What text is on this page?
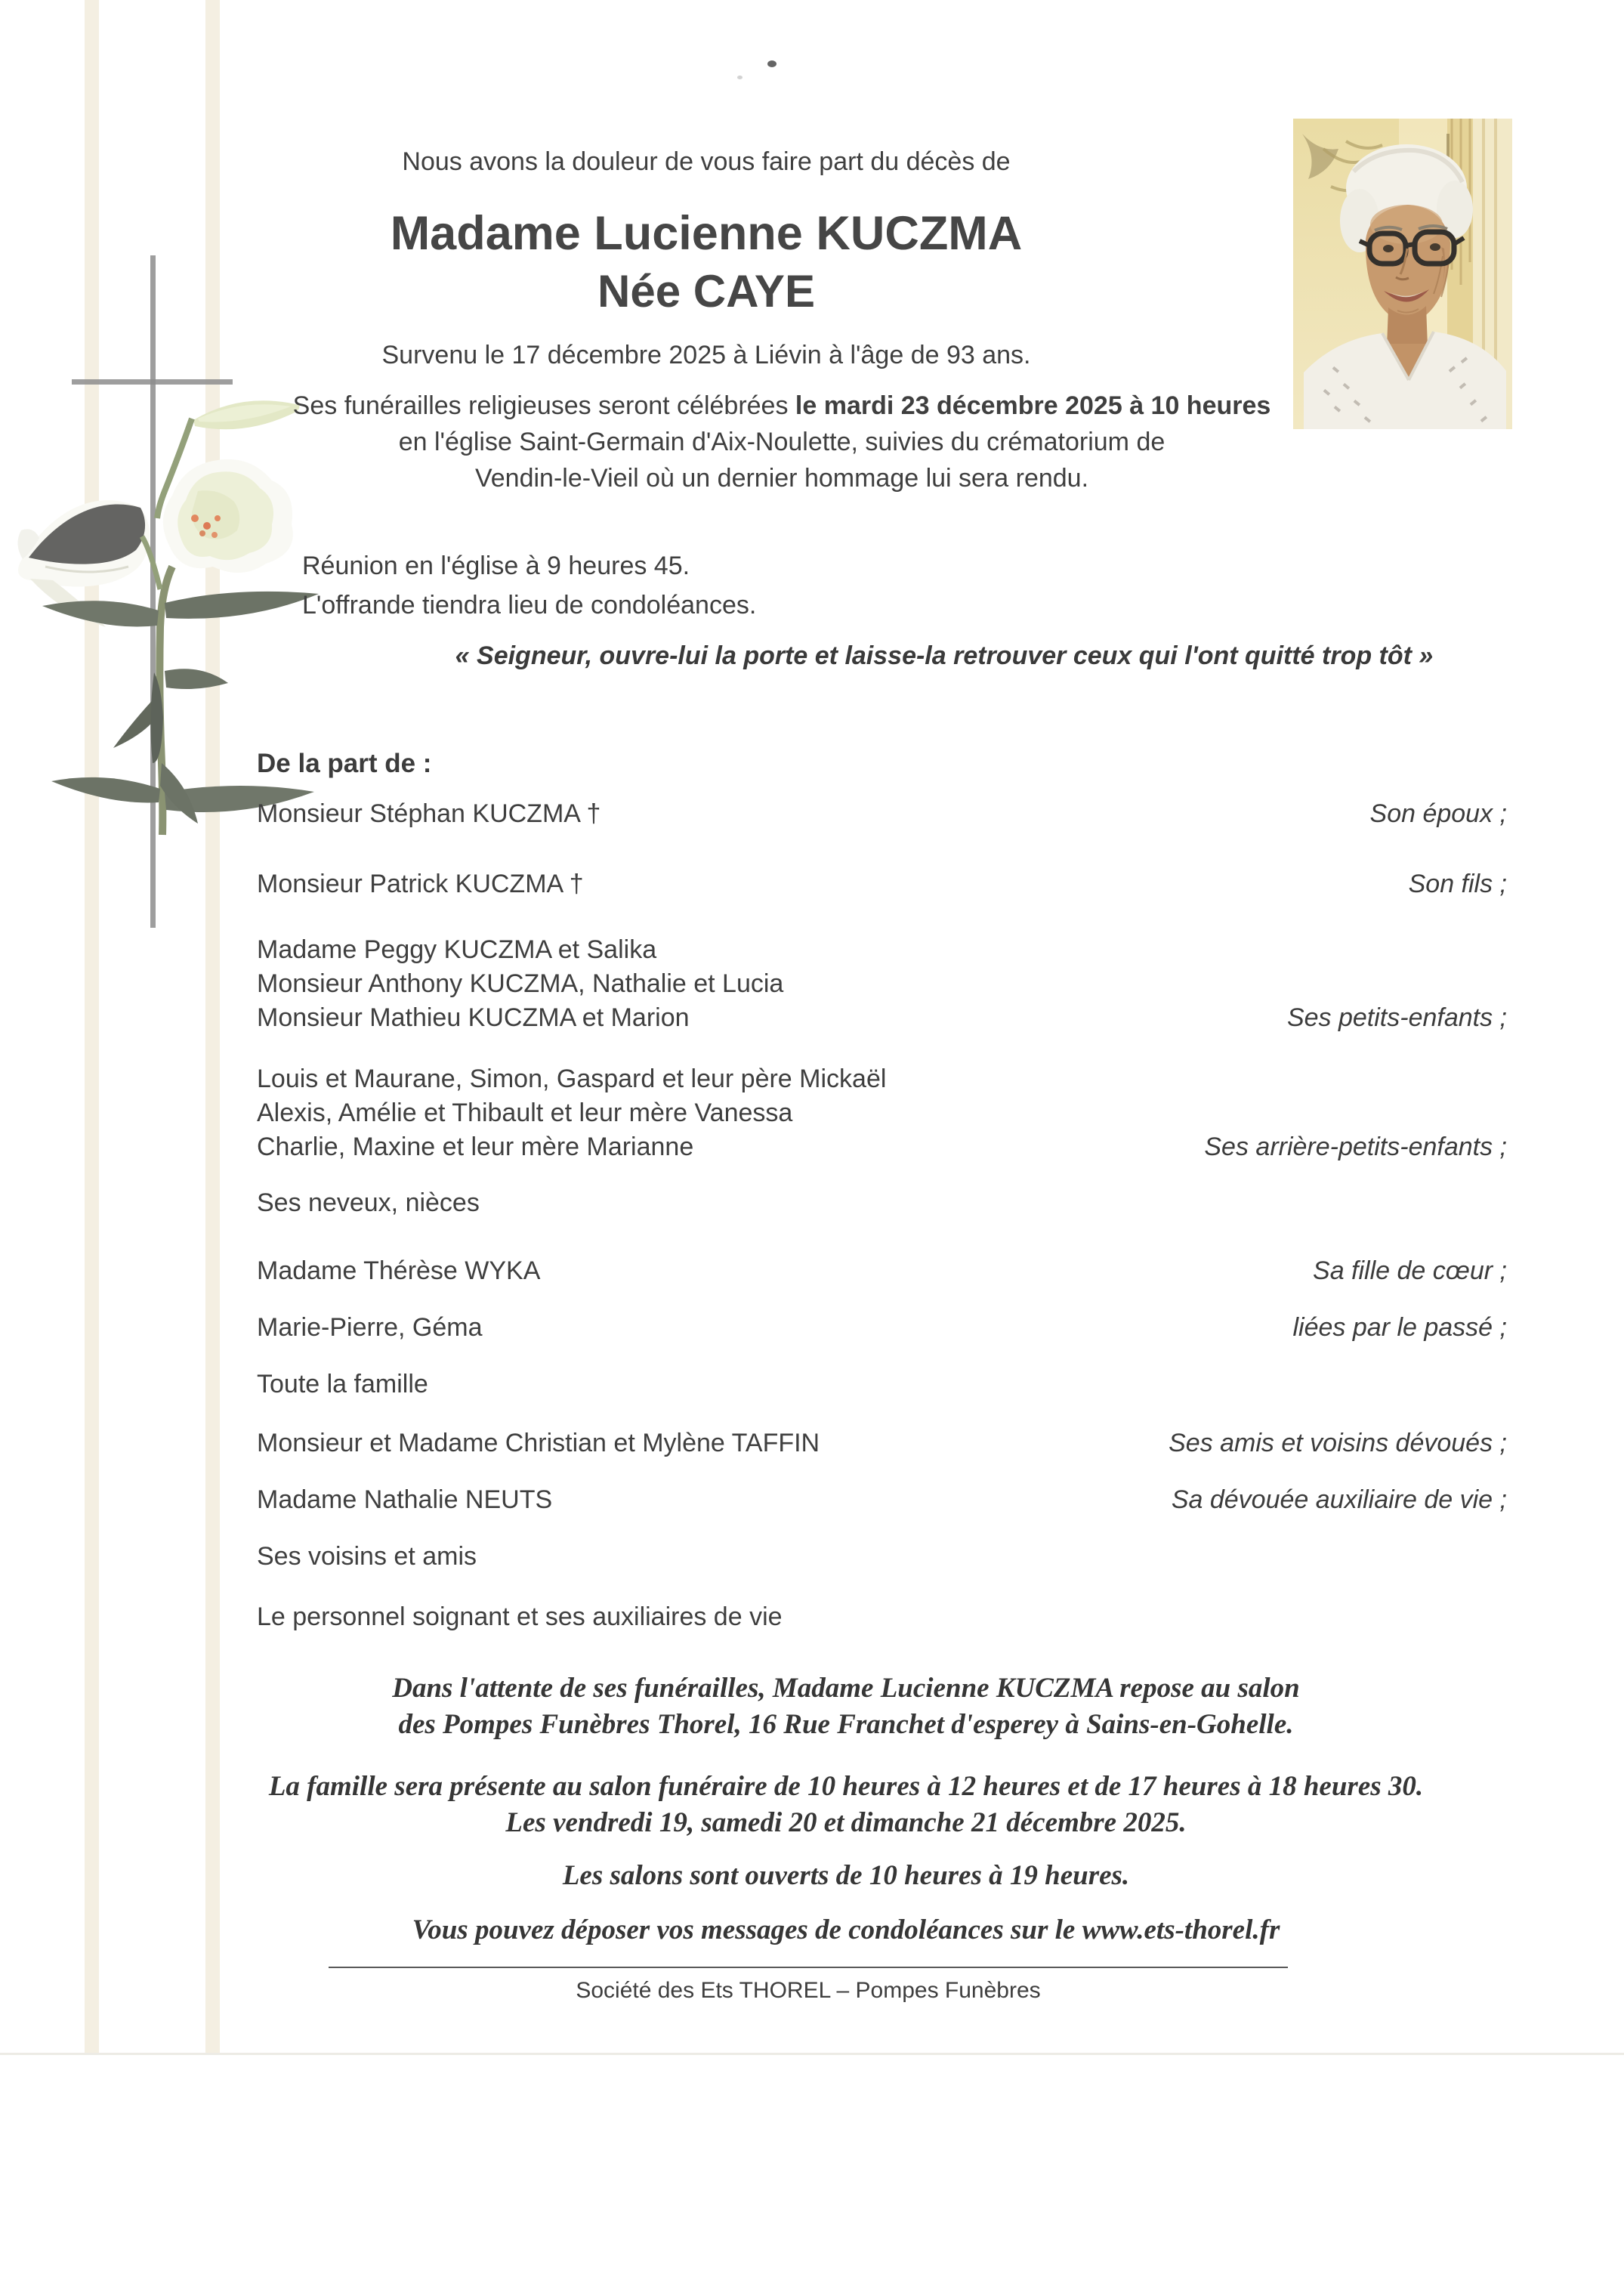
Nous avons la douleur de vous faire part du décès de
Madame Lucienne KUCZMA
Née CAYE
Survenu le 17 décembre 2025 à Liévin à l'âge de 93 ans.
Ses funérailles religieuses seront célébrées le mardi 23 décembre 2025 à 10 heures
en l'église Saint-Germain d'Aix-Noulette, suivies du crématorium de
Vendin-le-Vieil où un dernier hommage lui sera rendu.
Réunion en l'église à 9 heures 45.
L'offrande tiendra lieu de condoléances.
« Seigneur, ouvre-lui la porte et laisse-la retrouver ceux qui l'ont quitté trop tôt »
De la part de :
Monsieur Stéphan KUCZMA †	Son époux ;
Monsieur Patrick KUCZMA †	Son fils ;
Madame Peggy KUCZMA et Salika
Monsieur Anthony KUCZMA, Nathalie et Lucia
Monsieur Mathieu KUCZMA et Marion	Ses petits-enfants ;
Louis et Maurane, Simon, Gaspard et leur père Mickaël
Alexis, Amélie et Thibault et leur mère Vanessa
Charlie, Maxine et leur mère Marianne	Ses arrière-petits-enfants ;
Ses neveux, nièces
Madame Thérèse WYKA	Sa fille de cœur ;
Marie-Pierre, Géma	liées par le passé ;
Toute la famille
Monsieur et Madame Christian et Mylène TAFFIN	Ses amis et voisins dévoués ;
Madame Nathalie NEUTS	Sa dévouée auxiliaire de vie ;
Ses voisins et amis
Le personnel soignant et ses auxiliaires de vie
Dans l'attente de ses funérailles, Madame Lucienne KUCZMA repose au salon
des Pompes Funèbres Thorel, 16 Rue Franchet d'esperey à Sains-en-Gohelle.
La famille sera présente au salon funéraire de 10 heures à 12 heures et de 17 heures à 18 heures 30.
Les vendredi 19, samedi 20 et dimanche 21 décembre 2025.
Les salons sont ouverts de 10 heures à 19 heures.
Vous pouvez déposer vos messages de condoléances sur le www.ets-thorel.fr
Société des Ets THOREL – Pompes Funèbres
